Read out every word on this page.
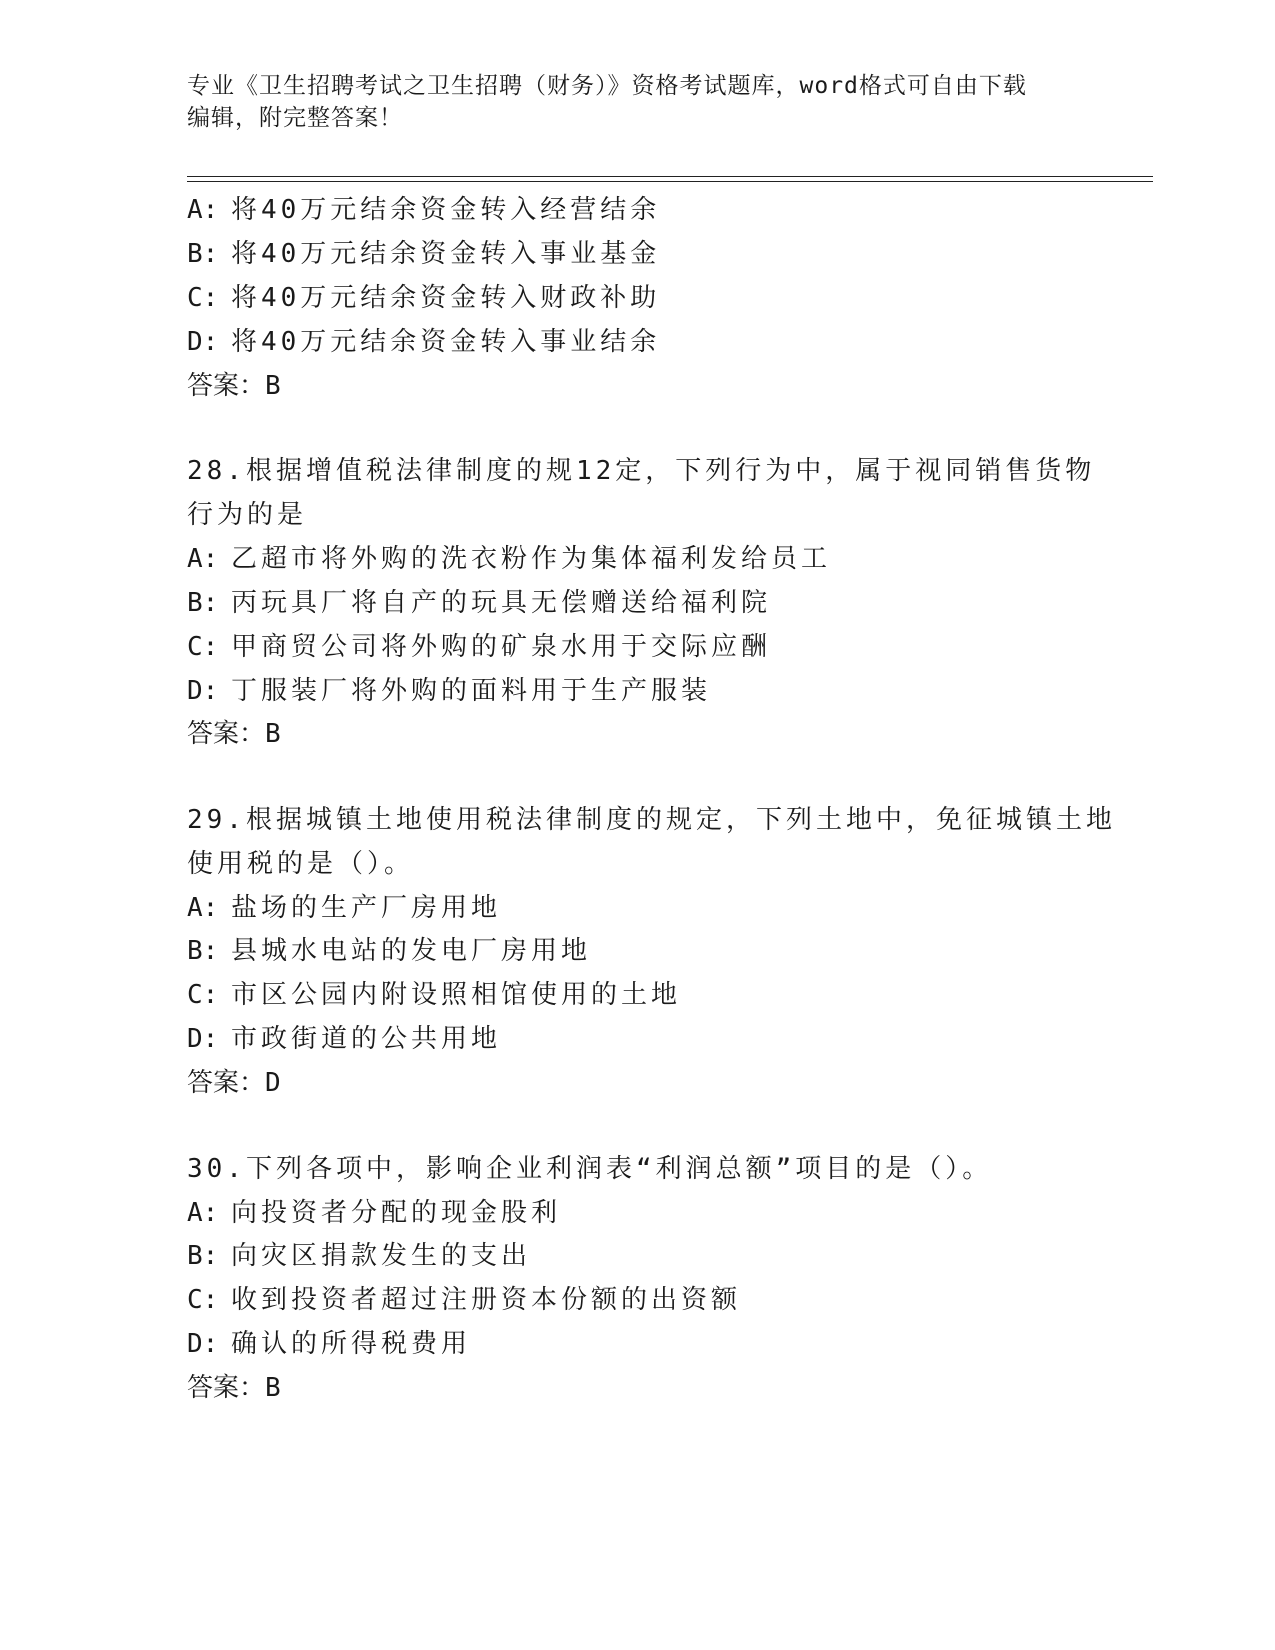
专业《卫生招聘考试之卫生招聘（财务）》资格考试题库，word格式可自由下载
编辑，附完整答案！
A: 将40万元结余资金转入经营结余
B: 将40万元结余资金转入事业基金
C: 将40万元结余资金转入财政补助
D: 将40万元结余资金转入事业结余
答案：B
28.根据增值税法律制度的规12定，下列行为中，属于视同销售货物
行为的是
A: 乙超市将外购的洗衣粉作为集体福利发给员工
B: 丙玩具厂将自产的玩具无偿赠送给福利院
C: 甲商贸公司将外购的矿泉水用于交际应酬
D: 丁服装厂将外购的面料用于生产服装
答案：B
29.根据城镇土地使用税法律制度的规定，下列土地中，免征城镇土地
使用税的是（）。
A: 盐场的生产厂房用地
B: 县城水电站的发电厂房用地
C: 市区公园内附设照相馆使用的土地
D: 市政街道的公共用地
答案：D
30.下列各项中，影响企业利润表“利润总额”项目的是（）。
A: 向投资者分配的现金股利
B: 向灾区捐款发生的支出
C: 收到投资者超过注册资本份额的出资额
D: 确认的所得税费用
答案：B
